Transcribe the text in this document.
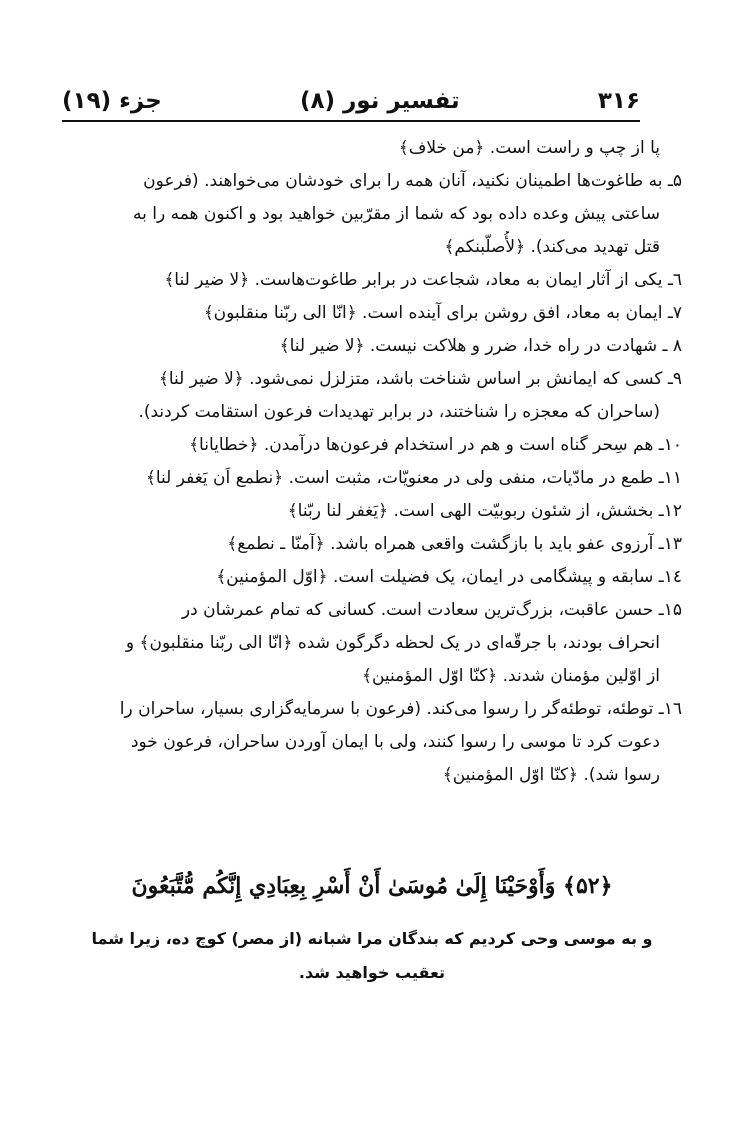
۳۱۶
تفسیر نور (۸)
جزء (۱۹)
پا از چپ و راست است. ﴿من خلاف﴾
۵ـ به طاغوت‌ها اطمینان نکنید، آنان همه را برای خودشان می‌خواهند. (فرعون
ساعتی پیش وعده داده بود که شما از مقرّبین خواهید بود و اکنون همه را به
قتل تهدید می‌کند). ﴿لأُصلّبنکم﴾
٦ـ یکی از آثار ایمان به معاد، شجاعت در برابر طاغوت‌هاست. ﴿لا ضیر لنا﴾
٧ـ ایمان به معاد، افق روشن برای آینده است. ﴿انّا الی ربّنا منقلبون﴾
٨ ـ شهادت در راه خدا، ضرر و هلاکت نیست. ﴿لا ضیر لنا﴾
٩ـ کسی که ایمانش بر اساس شناخت باشد، متزلزل نمی‌شود. ﴿لا ضیر لنا﴾
(ساحران که معجزه را شناختند، در برابر تهدیدات فرعون استقامت کردند).
۱۰ـ هم سِحر گناه است و هم در استخدام فرعون‌ها درآمدن. ﴿خطایانا﴾
۱۱ـ طمع در مادّیات، منفی ولی در معنویّات، مثبت است. ﴿نطمع اَن یَغفر لنا﴾
۱۲ـ بخشش، از شئون ربوبیّت الهی است. ﴿یَغفر لنا ربّنا﴾
۱۳ـ آرزوی عفو باید با بازگشت واقعی همراه باشد. ﴿آمنّا ـ نطمع﴾
۱٤ـ سابقه و پیشگامی در ایمان، یک فضیلت است. ﴿اوّل المؤمنین﴾
۱۵ـ حسن عاقبت، بزرگ‌ترین سعادت است. کسانی که تمام عمرشان در
انحراف بودند، با جرقّه‌ای در یک لحظه دگرگون شده ﴿انّا الی ربّنا منقلبون﴾ و
از اوّلین مؤمنان شدند. ﴿کنّا اوّل المؤمنین﴾
۱٦ـ توطئه، توطئه‌گر را رسوا می‌کند. (فرعون با سرمایه‌گزاری بسیار، ساحران را
دعوت کرد تا موسی را رسوا کنند، ولی با ایمان آوردن ساحران، فرعون خود
رسوا شد). ﴿کنّا اوّل المؤمنین﴾
﴿۵۲﴾ وَأَوْحَيْنَا إِلَىٰ مُوسَىٰ أَنْ أَسْرِ بِعِبَادِي إِنَّكُم مُّتَّبَعُونَ
و به موسی وحی کردیم که بندگان مرا شبانه (از مصر) کوچ ده، زیرا شما
تعقیب خواهید شد.
